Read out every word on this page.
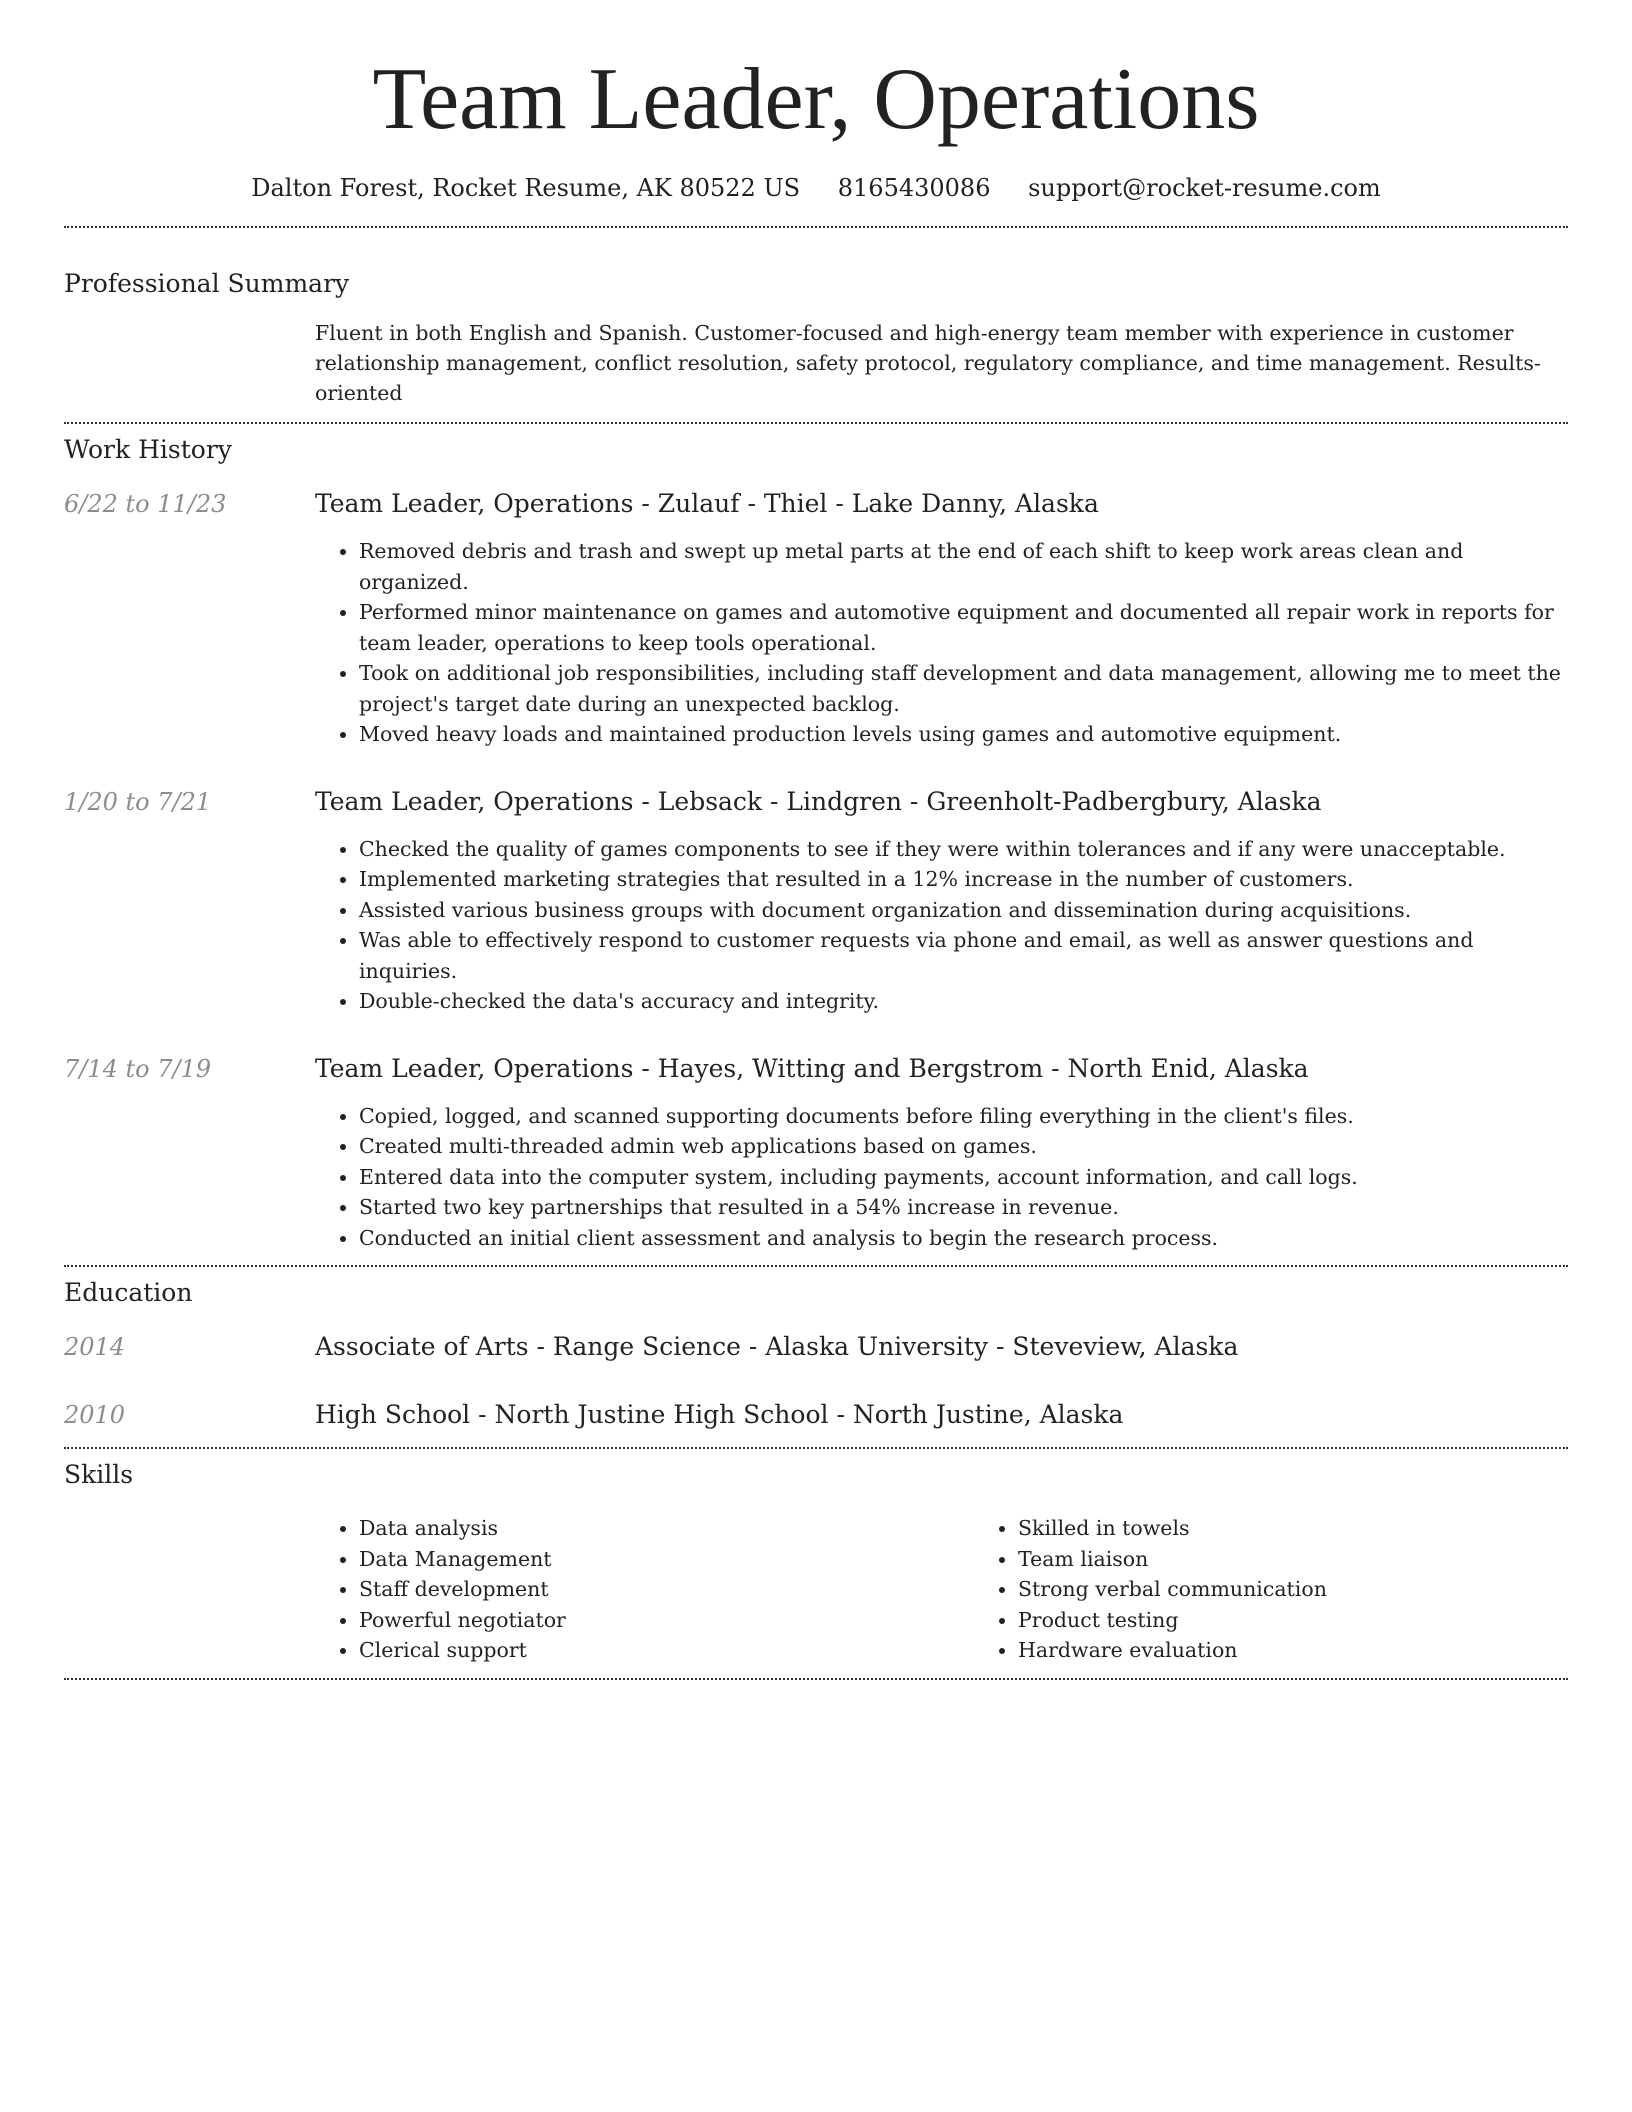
Team Leader, Operations
Dalton Forest, Rocket Resume, AK 80522 US 8165430086 support@rocket-resume.com
Professional Summary
Fluent in both English and Spanish. Customer-focused and high-energy team member with experience in customer relationship management, conflict resolution, safety protocol, regulatory compliance, and time management. Results-oriented
Work History
6/22 to 11/23	Team Leader, Operations - Zulauf - Thiel - Lake Danny, Alaska
• Removed debris and trash and swept up metal parts at the end of each shift to keep work areas clean and organized.
• Performed minor maintenance on games and automotive equipment and documented all repair work in reports for team leader, operations to keep tools operational.
• Took on additional job responsibilities, including staff development and data management, allowing me to meet the project's target date during an unexpected backlog.
• Moved heavy loads and maintained production levels using games and automotive equipment.
1/20 to 7/21	Team Leader, Operations - Lebsack - Lindgren - Greenholt-Padbergbury, Alaska
• Checked the quality of games components to see if they were within tolerances and if any were unacceptable.
• Implemented marketing strategies that resulted in a 12% increase in the number of customers.
• Assisted various business groups with document organization and dissemination during acquisitions.
• Was able to effectively respond to customer requests via phone and email, as well as answer questions and inquiries.
• Double-checked the data's accuracy and integrity.
7/14 to 7/19	Team Leader, Operations - Hayes, Witting and Bergstrom - North Enid, Alaska
• Copied, logged, and scanned supporting documents before filing everything in the client's files.
• Created multi-threaded admin web applications based on games.
• Entered data into the computer system, including payments, account information, and call logs.
• Started two key partnerships that resulted in a 54% increase in revenue.
• Conducted an initial client assessment and analysis to begin the research process.
Education
2014	Associate of Arts - Range Science - Alaska University - Steveview, Alaska
2010	High School - North Justine High School - North Justine, Alaska
Skills
• Data analysis
• Data Management
• Staff development
• Powerful negotiator
• Clerical support
• Skilled in towels
• Team liaison
• Strong verbal communication
• Product testing
• Hardware evaluation
